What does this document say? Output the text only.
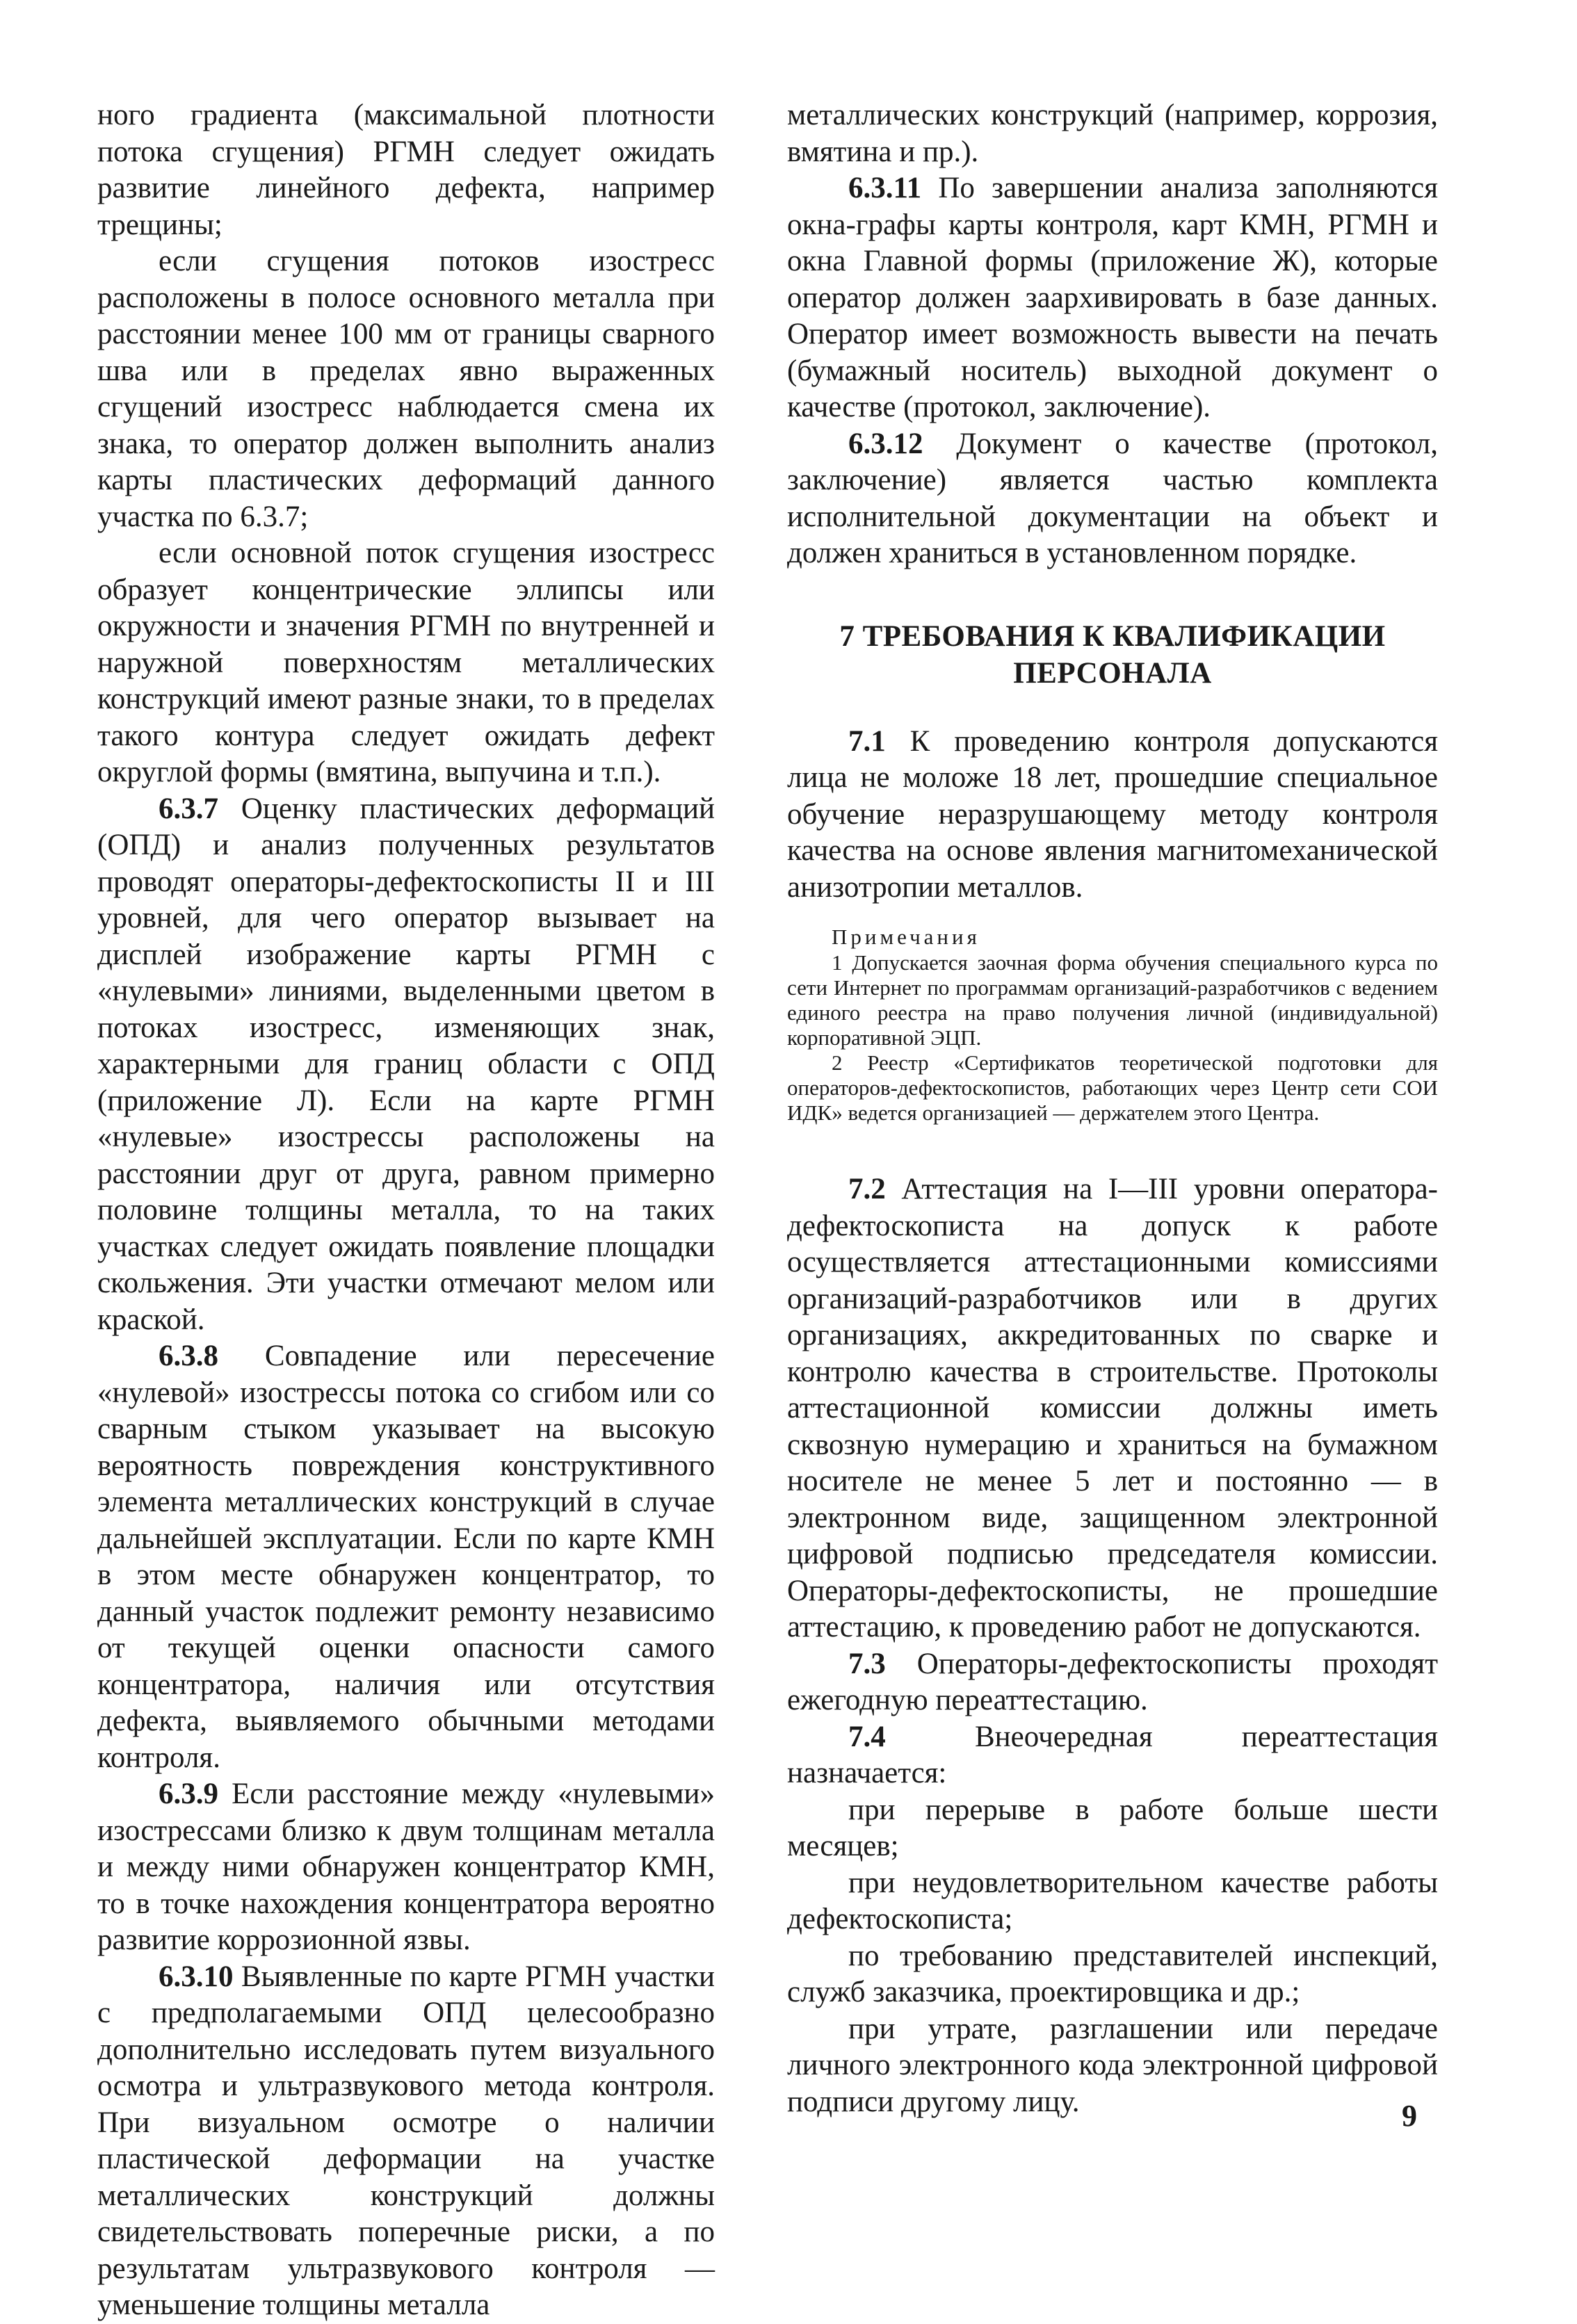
ного градиента (максимальной плотности потока сгущения) РГМН следует ожидать развитие линейного дефекта, например трещины;

если сгущения потоков изостресс расположены в полосе основного металла при расстоянии менее 100 мм от границы сварного шва или в пределах явно выраженных сгущений изостресс наблюдается смена их знака, то оператор должен выполнить анализ карты пластических деформаций данного участка по 6.3.7;

если основной поток сгущения изостресс образует концентрические эллипсы или окружности и значения РГМН по внутренней и наружной поверхностям металлических конструкций имеют разные знаки, то в пределах такого контура следует ожидать дефект округлой формы (вмятина, выпучина и т.п.).

6.3.7 Оценку пластических деформаций (ОПД) и анализ полученных результатов проводят операторы-дефектоскописты II и III уровней, для чего оператор вызывает на дисплей изображение карты РГМН с «нулевыми» линиями, выделенными цветом в потоках изостресс, изменяющих знак, характерными для границ области с ОПД (приложение Л). Если на карте РГМН «нулевые» изострессы расположены на расстоянии друг от друга, равном примерно половине толщины металла, то на таких участках следует ожидать появление площадки скольжения. Эти участки отмечают мелом или краской.

6.3.8 Совпадение или пересечение «нулевой» изострессы потока со сгибом или со сварным стыком указывает на высокую вероятность повреждения конструктивного элемента металлических конструкций в случае дальнейшей эксплуатации. Если по карте КМН в этом месте обнаружен концентратор, то данный участок подлежит ремонту независимо от текущей оценки опасности самого концентратора, наличия или отсутствия дефекта, выявляемого обычными методами контроля.

6.3.9 Если расстояние между «нулевыми» изострессами близко к двум толщинам металла и между ними обнаружен концентратор КМН, то в точке нахождения концентратора вероятно развитие коррозионной язвы.

6.3.10 Выявленные по карте РГМН участки с предполагаемыми ОПД целесообразно дополнительно исследовать путем визуального осмотра и ультразвукового метода контроля. При визуальном осмотре о наличии пластической деформации на участке металлических конструкций должны свидетельствовать поперечные риски, а по результатам ультразвукового контроля — уменьшение толщины металла

металлических конструкций (например, коррозия, вмятина и пр.).

6.3.11 По завершении анализа заполняются окна-графы карты контроля, карт КМН, РГМН и окна Главной формы (приложение Ж), которые оператор должен заархивировать в базе данных. Оператор имеет возможность вывести на печать (бумажный носитель) выходной документ о качестве (протокол, заключение).

6.3.12 Документ о качестве (протокол, заключение) является частью комплекта исполнительной документации на объект и должен храниться в установленном порядке.

7 ТРЕБОВАНИЯ К КВАЛИФИКАЦИИ
ПЕРСОНАЛА

7.1 К проведению контроля допускаются лица не моложе 18 лет, прошедшие специальное обучение неразрушающему методу контроля качества на основе явления магнитомеханической анизотропии металлов.

Примечания

1 Допускается заочная форма обучения специального курса по сети Интернет по программам организаций-разработчиков с ведением единого реестра на право получения личной (индивидуальной) корпоративной ЭЦП.

2 Реестр «Сертификатов теоретической подготовки для операторов-дефектоскопистов, работающих через Центр сети СОИ ИДК» ведется организацией — держателем этого Центра.

7.2 Аттестация на I—III уровни оператора-дефектоскописта на допуск к работе осуществляется аттестационными комиссиями организаций-разработчиков или в других организациях, аккредитованных по сварке и контролю качества в строительстве. Протоколы аттестационной комиссии должны иметь сквозную нумерацию и храниться на бумажном носителе не менее 5 лет и постоянно — в электронном виде, защищенном электронной цифровой подписью председателя комиссии. Операторы-дефектоскописты, не прошедшие аттестацию, к проведению работ не допускаются.

7.3 Операторы-дефектоскописты проходят ежегодную переаттестацию.

7.4 Внеочередная переаттестация назначается:

при перерыве в работе больше шести месяцев;

при неудовлетворительном качестве работы дефектоскописта;

по требованию представителей инспекций, служб заказчика, проектировщика и др.;

при утрате, разглашении или передаче личного электронного кода электронной цифровой подписи другому лицу.	9
